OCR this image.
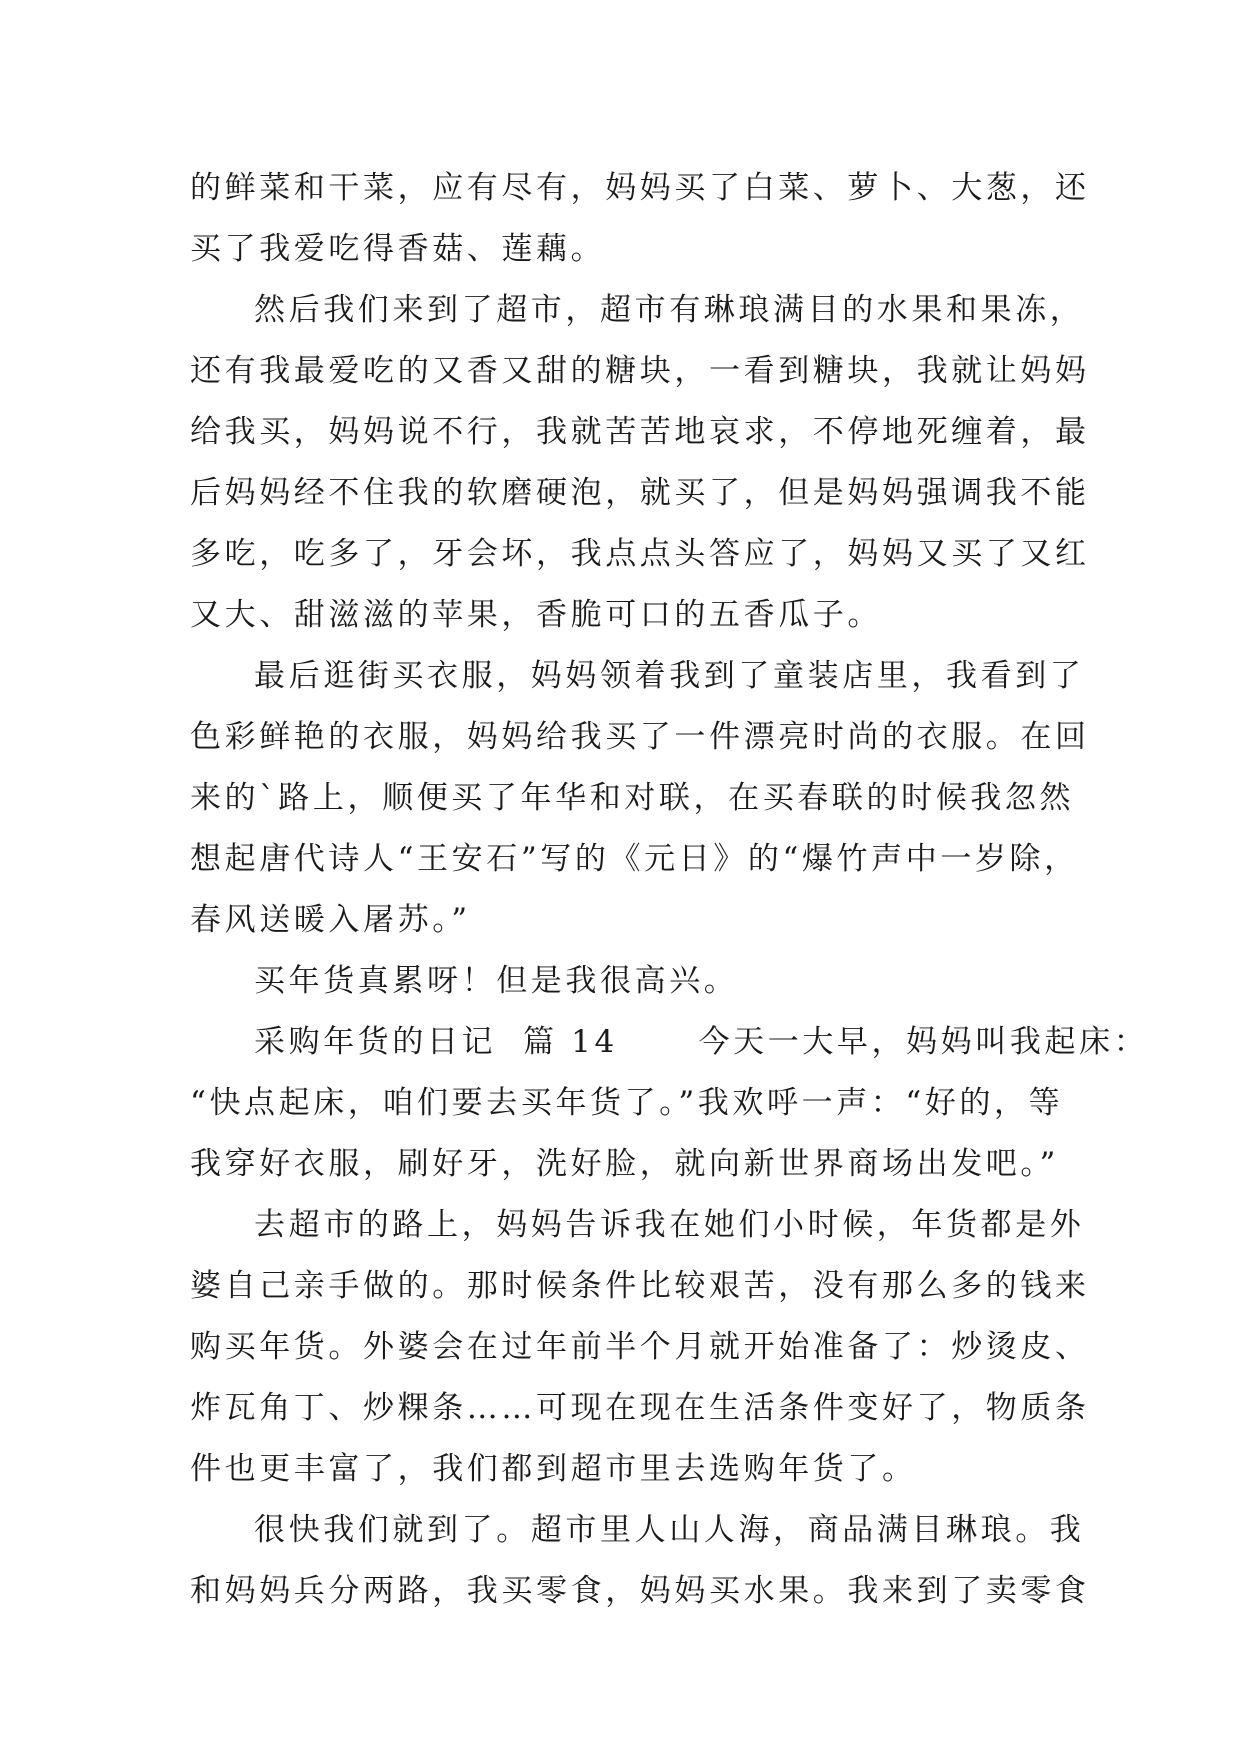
的鲜菜和干菜，应有尽有，妈妈买了白菜、萝卜、大葱，还
买了我爱吃得香菇、莲藕。
然后我们来到了超市，超市有琳琅满目的水果和果冻，
还有我最爱吃的又香又甜的糖块，一看到糖块，我就让妈妈
给我买，妈妈说不行，我就苦苦地哀求，不停地死缠着，最
后妈妈经不住我的软磨硬泡，就买了，但是妈妈强调我不能
多吃，吃多了，牙会坏，我点点头答应了，妈妈又买了又红
又大、甜滋滋的苹果，香脆可口的五香瓜子。
最后逛街买衣服，妈妈领着我到了童装店里，我看到了
色彩鲜艳的衣服，妈妈给我买了一件漂亮时尚的衣服。在回
来的`路上，顺便买了年华和对联，在买春联的时候我忽然
想起唐代诗人“王安石”写的《元日》的“爆竹声中一岁除，
春风送暖入屠苏。”
买年货真累呀！但是我很高兴。
采购年货的日记  篇 14      今天一大早，妈妈叫我起床：
“快点起床，咱们要去买年货了。”我欢呼一声：“好的，等
我穿好衣服，刷好牙，洗好脸，就向新世界商场出发吧。”
去超市的路上，妈妈告诉我在她们小时候，年货都是外
婆自己亲手做的。那时候条件比较艰苦，没有那么多的钱来
购买年货。外婆会在过年前半个月就开始准备了：炒烫皮、
炸瓦角丁、炒粿条……可现在现在生活条件变好了，物质条
件也更丰富了，我们都到超市里去选购年货了。
很快我们就到了。超市里人山人海，商品满目琳琅。我
和妈妈兵分两路，我买零食，妈妈买水果。我来到了卖零食
